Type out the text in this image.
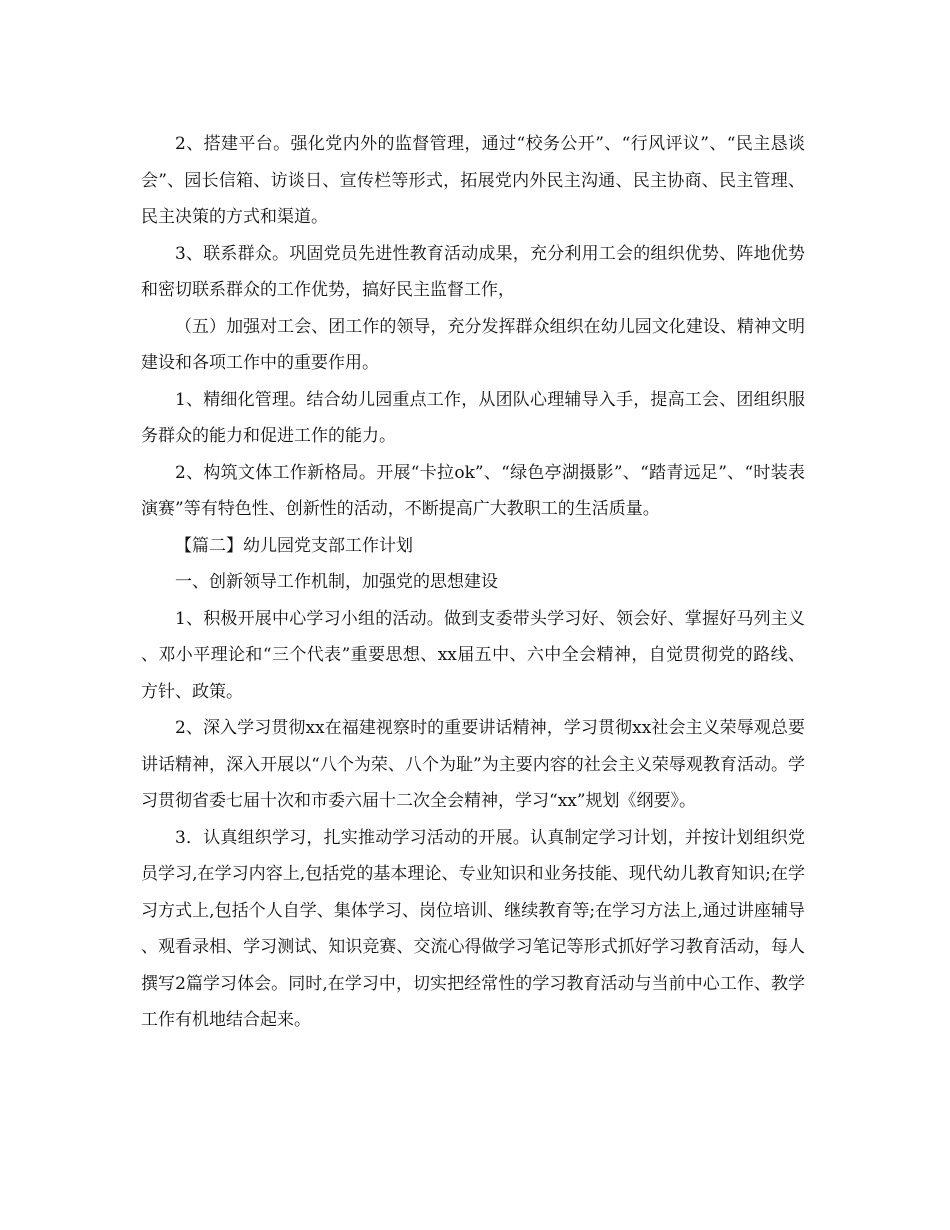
2、搭建平台。强化党内外的监督管理，通过“校务公开”、“行风评议”、“民主恳谈会”、园长信箱、访谈日、宣传栏等形式，拓展党内外民主沟通、民主协商、民主管理、民主决策的方式和渠道。

3、联系群众。巩固党员先进性教育活动成果，充分利用工会的组织优势、阵地优势和密切联系群众的工作优势，搞好民主监督工作，

（五）加强对工会、团工作的领导，充分发挥群众组织在幼儿园文化建设、精神文明建设和各项工作中的重要作用。

1、精细化管理。结合幼儿园重点工作，从团队心理辅导入手，提高工会、团组织服务群众的能力和促进工作的能力。

2、构筑文体工作新格局。开展“卡拉ok”、“绿色亭湖摄影”、“踏青远足”、“时装表演赛”等有特色性、创新性的活动，不断提高广大教职工的生活质量。

【篇二】幼儿园党支部工作计划

一、创新领导工作机制，加强党的思想建设

1、积极开展中心学习小组的活动。做到支委带头学习好、领会好、掌握好马列主义、邓小平理论和“三个代表”重要思想、xx届五中、六中全会精神，自觉贯彻党的路线、方针、政策。

2、深入学习贯彻xx在福建视察时的重要讲话精神，学习贯彻xx社会主义荣辱观总要讲话精神，深入开展以“八个为荣、八个为耻”为主要内容的社会主义荣辱观教育活动。学习贯彻省委七届十次和市委六届十二次全会精神，学习“xx”规划《纲要》。

3．认真组织学习，扎实推动学习活动的开展。认真制定学习计划，并按计划组织党员学习,在学习内容上,包括党的基本理论、专业知识和业务技能、现代幼儿教育知识;在学习方式上,包括个人自学、集体学习、岗位培训、继续教育等;在学习方法上,通过讲座辅导、观看录相、学习测试、知识竞赛、交流心得做学习笔记等形式抓好学习教育活动，每人撰写2篇学习体会。同时,在学习中，切实把经常性的学习教育活动与当前中心工作、教学工作有机地结合起来。
